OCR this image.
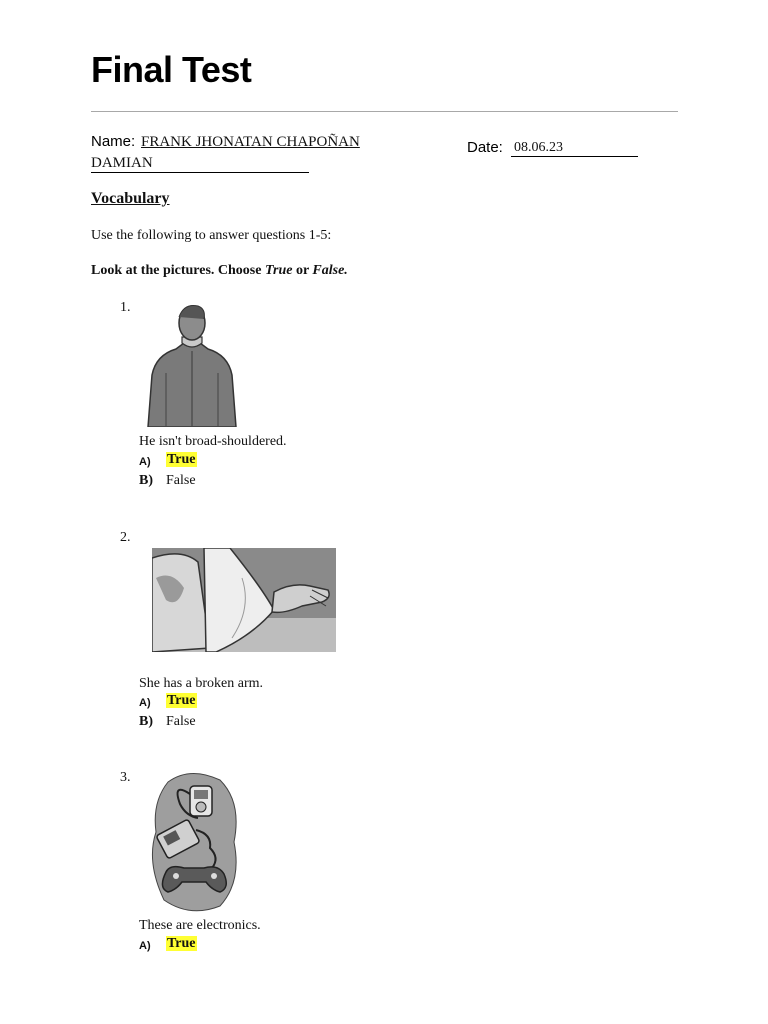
Final Test
Name: FRANK JHONATAN CHAPOÑAN
DAMIAN
Date: 08.06.23
Vocabulary
Use the following to answer questions 1-5:
Look at the pictures. Choose True or False.
1.
He isn't broad-shouldered.
A) True
B) False
2.
She has a broken arm.
A) True
B) False
3.
These are electronics.
A) True
